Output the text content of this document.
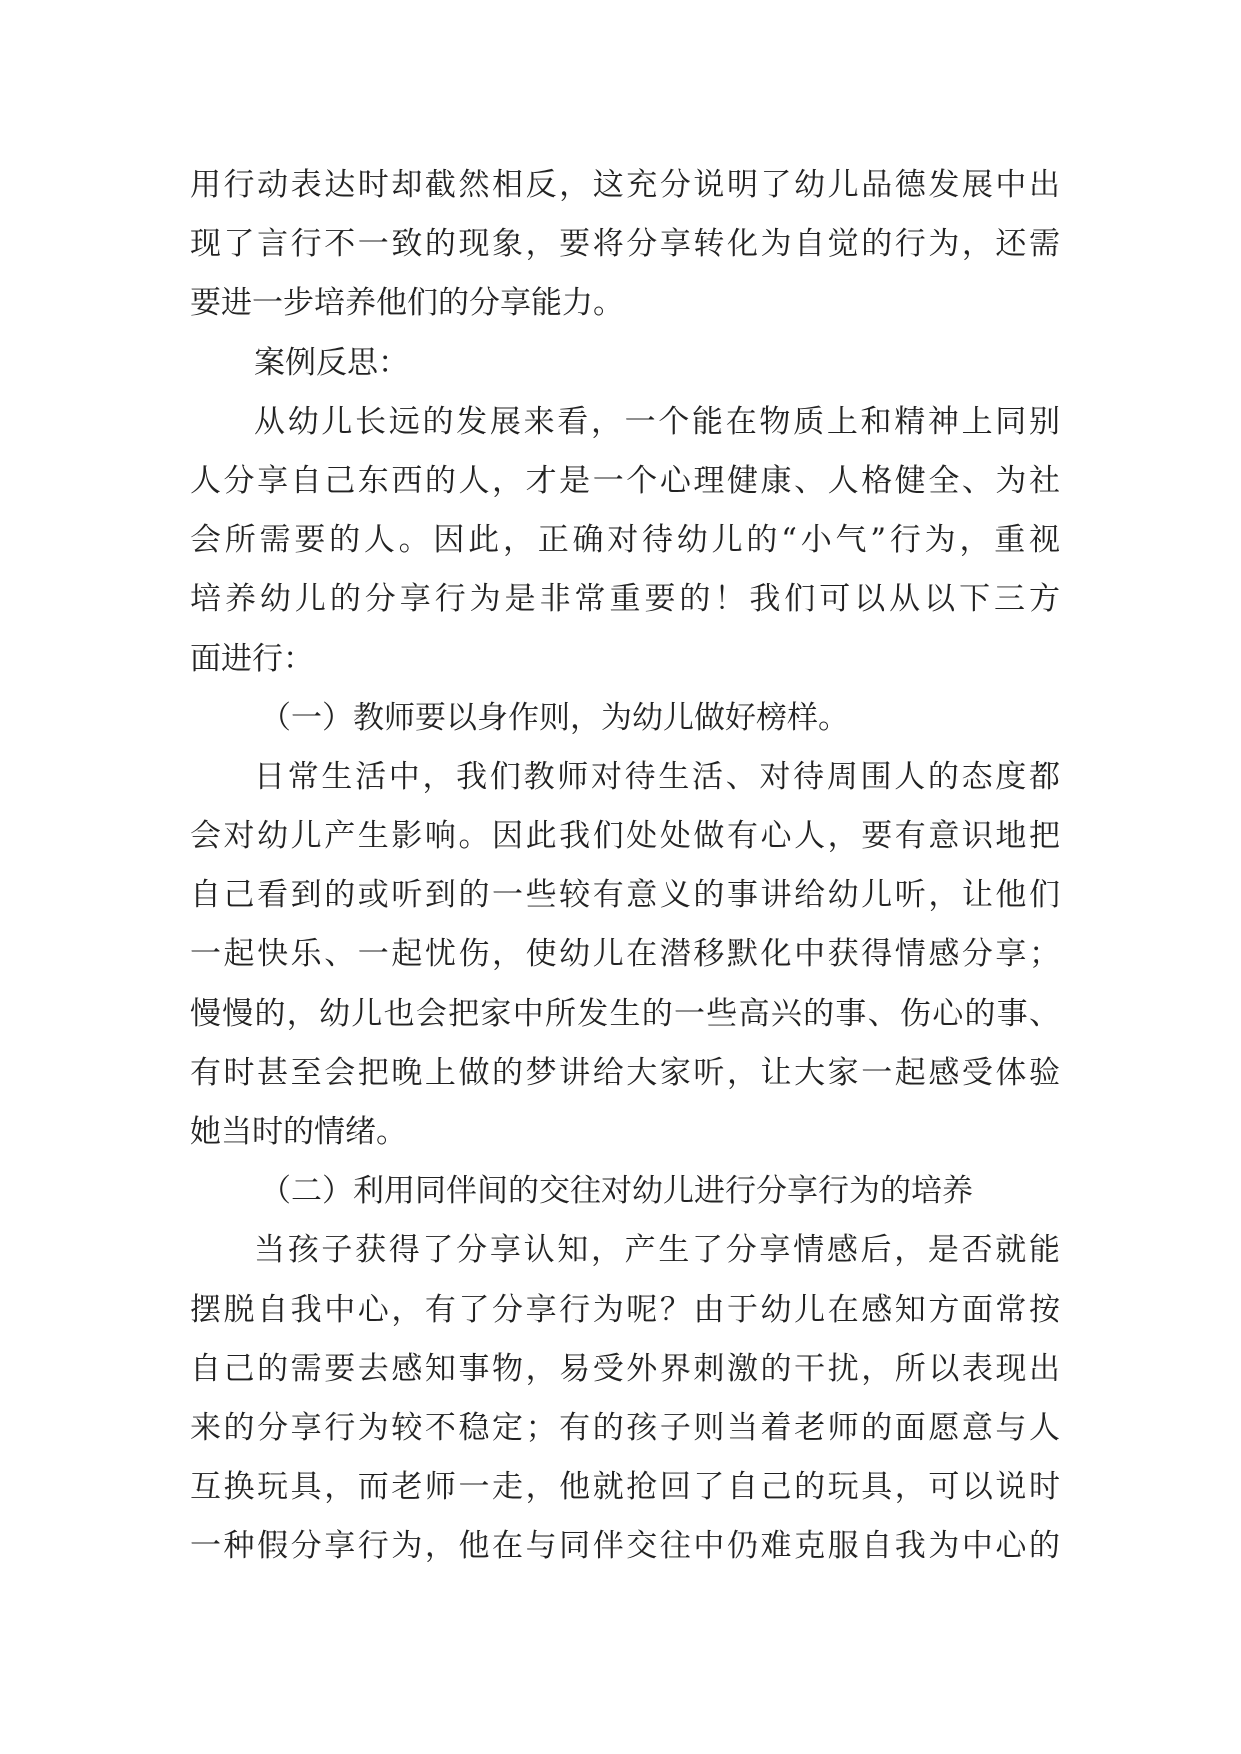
用行动表达时却截然相反，这充分说明了幼儿品德发展中出
现了言行不一致的现象，要将分享转化为自觉的行为，还需
要进一步培养他们的分享能力。
案例反思：
从幼儿长远的发展来看，一个能在物质上和精神上同别
人分享自己东西的人，才是一个心理健康、人格健全、为社
会所需要的人。因此，正确对待幼儿的“小气”行为，重视
培养幼儿的分享行为是非常重要的！我们可以从以下三方
面进行：
（一）教师要以身作则，为幼儿做好榜样。
日常生活中，我们教师对待生活、对待周围人的态度都
会对幼儿产生影响。因此我们处处做有心人，要有意识地把
自己看到的或听到的一些较有意义的事讲给幼儿听，让他们
一起快乐、一起忧伤，使幼儿在潜移默化中获得情感分享；
慢慢的，幼儿也会把家中所发生的一些高兴的事、伤心的事、
有时甚至会把晚上做的梦讲给大家听，让大家一起感受体验
她当时的情绪。
（二）利用同伴间的交往对幼儿进行分享行为的培养
当孩子获得了分享认知，产生了分享情感后，是否就能
摆脱自我中心，有了分享行为呢？由于幼儿在感知方面常按
自己的需要去感知事物，易受外界刺激的干扰，所以表现出
来的分享行为较不稳定；有的孩子则当着老师的面愿意与人
互换玩具，而老师一走，他就抢回了自己的玩具，可以说时
一种假分享行为，他在与同伴交往中仍难克服自我为中心的
